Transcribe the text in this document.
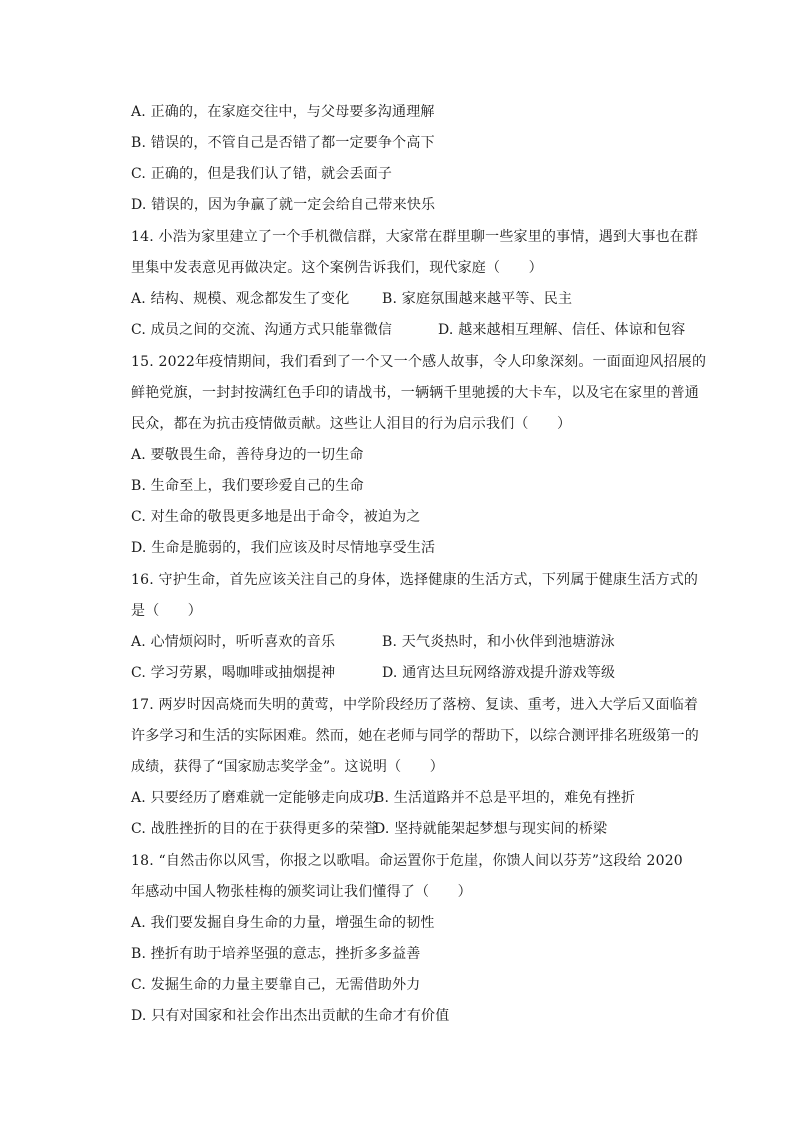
A. 正确的，在家庭交往中，与父母要多沟通理解
B. 错误的，不管自己是否错了都一定要争个高下
C. 正确的，但是我们认了错，就会丢面子
D. 错误的，因为争赢了就一定会给自己带来快乐
14. 小浩为家里建立了一个手机微信群，大家常在群里聊一些家里的事情，遇到大事也在群
里集中发表意见再做决定。这个案例告诉我们，现代家庭（　　）
A. 结构、规模、观念都发生了变化 B. 家庭氛围越来越平等、民主
C. 成员之间的交流、沟通方式只能靠微信	D. 越来越相互理解、信任、体谅和包容
15. 2022年疫情期间，我们看到了一个又一个感人故事，令人印象深刻。一面面迎风招展的
鲜艳党旗，一封封按满红色手印的请战书，一辆辆千里驰援的大卡车，以及宅在家里的普通
民众，都在为抗击疫情做贡献。这些让人泪目的行为启示我们（　　）
A. 要敬畏生命，善待身边的一切生命
B. 生命至上，我们要珍爱自己的生命
C. 对生命的敬畏更多地是出于命令，被迫为之
D. 生命是脆弱的，我们应该及时尽情地享受生活
16. 守护生命，首先应该关注自己的身体，选择健康的生活方式，下列属于健康生活方式的
是（　　）
A. 心情烦闷时，听听喜欢的音乐	B. 天气炎热时，和小伙伴到池塘游泳
C. 学习劳累，喝咖啡或抽烟提神	D. 通宵达旦玩网络游戏提升游戏等级
17. 两岁时因高烧而失明的黄莺，中学阶段经历了落榜、复读、重考，进入大学后又面临着
许多学习和生活的实际困难。然而，她在老师与同学的帮助下，以综合测评排名班级第一的
成绩，获得了“国家励志奖学金”。这说明（　　）
A. 只要经历了磨难就一定能够走向成功
B. 生活道路并不总是平坦的，难免有挫折
C. 战胜挫折的目的在于获得更多的荣誉
D. 坚持就能架起梦想与现实间的桥梁
18. “自然击你以风雪，你报之以歌唱。命运置你于危崖，你馈人间以芬芳”这段给 2020
年感动中国人物张桂梅的颁奖词让我们懂得了（　　）
A. 我们要发掘自身生命的力量，增强生命的韧性
B. 挫折有助于培养坚强的意志，挫折多多益善
C. 发掘生命的力量主要靠自己，无需借助外力
D. 只有对国家和社会作出杰出贡献的生命才有价值
